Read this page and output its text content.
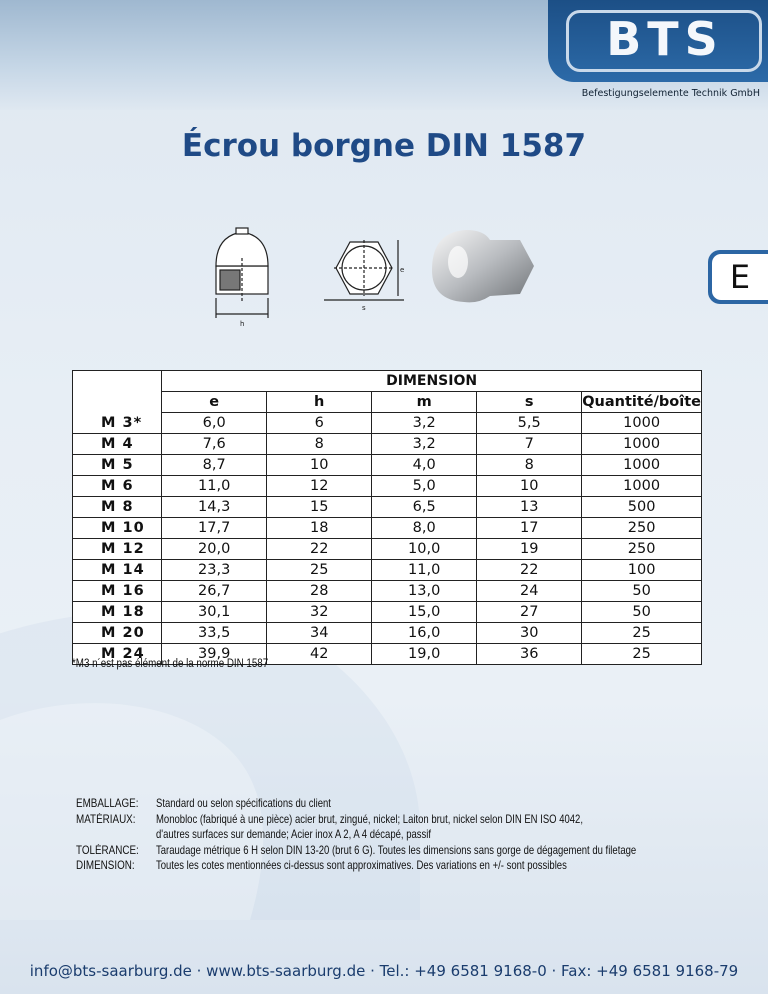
BTS
Befestigungselemente Technik GmbH
Écrou borgne DIN 1587
E
h
s
e
	DIMENSION				
	e	h	m	s	Quantité/boîte
M 3*	6,0	6	3,2	5,5	1000
M 4	7,6	8	3,2	7	1000
M 5	8,7	10	4,0	8	1000
M 6	11,0	12	5,0	10	1000
M 8	14,3	15	6,5	13	500
M 10	17,7	18	8,0	17	250
M 12	20,0	22	10,0	19	250
M 14	23,3	25	11,0	22	100
M 16	26,7	28	13,0	24	50
M 18	30,1	32	15,0	27	50
M 20	33,5	34	16,0	30	25
M 24	39,9	42	19,0	36	25
*M3 n´est pas élément de la norme DIN 1587
EMBALLAGE:	Standard ou selon spécifications du client
MATÉRIAUX:	Monobloc (fabriqué à une pièce) acier brut, zingué, nickel; Laiton brut, nickel selon DIN EN ISO 4042,
d'autres surfaces sur demande; Acier inox A 2, A 4 décapé, passif
TOLÉRANCE:	Taraudage métrique 6 H selon DIN 13-20 (brut 6 G). Toutes les dimensions sans gorge de dégagement du filetage
DIMENSION:	Toutes les cotes mentionnées ci-dessus sont approximatives. Des variations en +/- sont possibles
info@bts-saarburg.de · www.bts-saarburg.de · Tel.: +49 6581 9168-0 · Fax: +49 6581 9168-79
